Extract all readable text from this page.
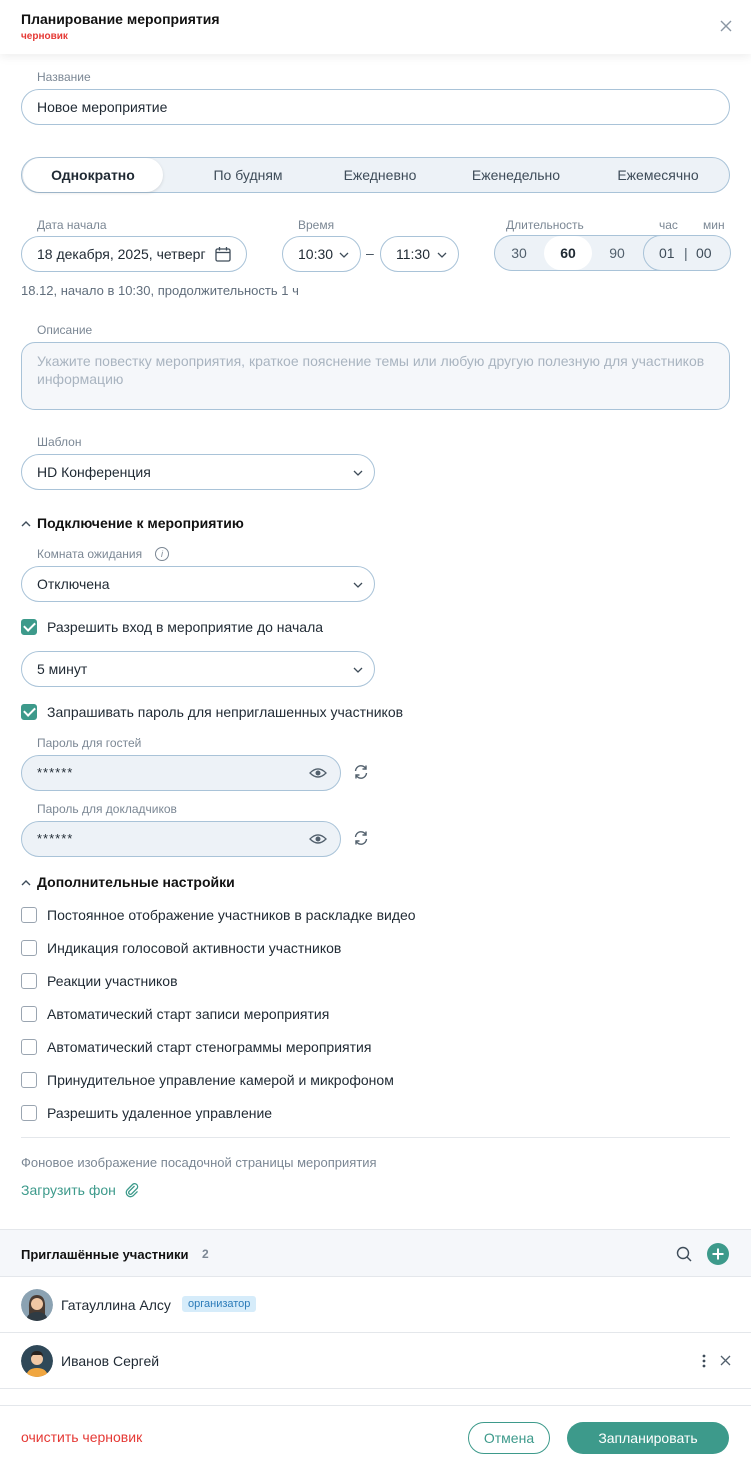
Планирование мероприятия
черновик
Название
Новое мероприятие
Однократно	По будням	Ежедневно	Еженедельно	Ежемесячно
Дата начала
18 декабря, 2025, четверг
Время
10:30	–	11:30
Длительность	час мин
30	60	90	01 | 00
18.12, начало в 10:30, продолжительность 1 ч
Описание
Укажите повестку мероприятия, краткое пояснение темы или любую другую полезную для участников информацию
Шаблон
HD Конференция
Подключение к мероприятию
Комната ожидания	i
Отключена
Разрешить вход в мероприятие до начала
5 минут
Запрашивать пароль для неприглашенных участников
Пароль для гостей
******
Пароль для докладчиков
******
Дополнительные настройки
Постоянное отображение участников в раскладке видео
Индикация голосовой активности участников
Реакции участников
Автоматический старт записи мероприятия
Автоматический старт стенограммы мероприятия
Принудительное управление камерой и микрофоном
Разрешить удаленное управление
Фоновое изображение посадочной страницы мероприятия
Загрузить фон
Приглашённые участники 2
Гатауллина Алсу	организатор
Иванов Сергей
очистить черновик	Отмена	Запланировать
